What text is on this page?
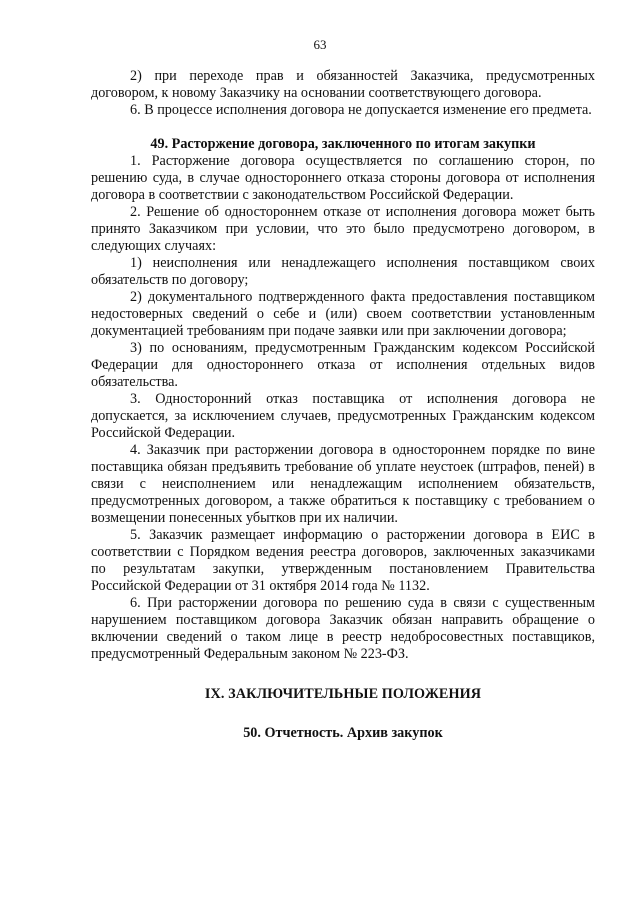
63

2) при переходе прав и обязанностей Заказчика, предусмотренных договором, к новому Заказчику на основании соответствующего договора.

6. В процессе исполнения договора не допускается изменение его предмета.

49. Расторжение договора, заключенного по итогам закупки

1. Расторжение договора осуществляется по соглашению сторон, по решению суда, в случае одностороннего отказа стороны договора от исполнения договора в соответствии с законодательством Российской Федерации.

2. Решение об одностороннем отказе от исполнения договора может быть принято Заказчиком при условии, что это было предусмотрено договором, в следующих случаях:

1) неисполнения или ненадлежащего исполнения поставщиком своих обязательств по договору;

2) документального подтвержденного факта предоставления поставщиком недостоверных сведений о себе и (или) своем соответствии установленным документацией требованиям при подаче заявки или при заключении договора;

3) по основаниям, предусмотренным Гражданским кодексом Российской Федерации для одностороннего отказа от исполнения отдельных видов обязательства.

3. Односторонний отказ поставщика от исполнения договора не допускается, за исключением случаев, предусмотренных Гражданским кодексом Российской Федерации.

4. Заказчик при расторжении договора в одностороннем порядке по вине поставщика обязан предъявить требование об уплате неустоек (штрафов, пеней) в связи с неисполнением или ненадлежащим исполнением обязательств, предусмотренных договором, а также обратиться к поставщику с требованием о возмещении понесенных убытков при их наличии.

5. Заказчик размещает информацию о расторжении договора в ЕИС в соответствии с Порядком ведения реестра договоров, заключенных заказчиками по результатам закупки, утвержденным постановлением Правительства Российской Федерации от 31 октября 2014 года № 1132.

6. При расторжении договора по решению суда в связи с существенным нарушением поставщиком договора Заказчик обязан направить обращение о включении сведений о таком лице в реестр недобросовестных поставщиков, предусмотренный Федеральным законом № 223-ФЗ.

IX. ЗАКЛЮЧИТЕЛЬНЫЕ ПОЛОЖЕНИЯ

50. Отчетность. Архив закупок
